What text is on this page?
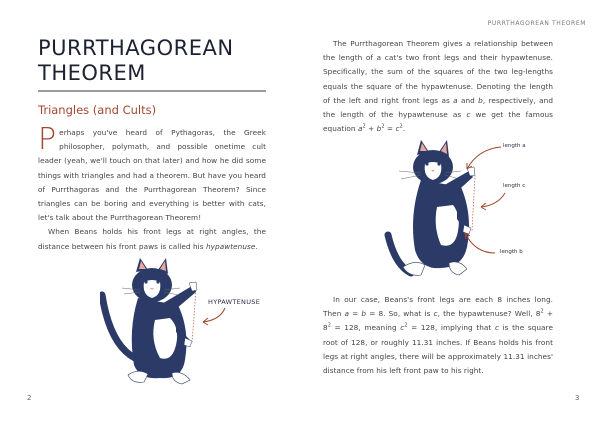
PURRTHAGOREAN THEOREM
Triangles (and Cults)

Perhaps you've heard of Pythagoras, the Greek philosopher, polymath, and possible onetime cult leader (yeah, we'll touch on that later) and how he did some things with triangles and had a theorem. But have you heard of Purrthagoras and the Purrthagorean Theorem? Since triangles can be boring and everything is better with cats, let's talk about the Purrthagorean Theorem!

When Beans holds his front legs at right angles, the distance between his front paws is called his hypawtenuse.

HYPAWTENUSE
2
PURRTHAGOREAN THEOREM

The Purrthagorean Theorem gives a relationship between the length of a cat's two front legs and their hypawtenuse. Specifically, the sum of the squares of the two leg-lengths equals the square of the hypawtenuse. Denoting the length of the left and right front legs as a and b, respectively, and the length of the hypawtenuse as c we get the famous equation $a^2 + b^2 = c^2$.

length a
length c
length b

In our case, Beans's front legs are each 8 inches long. Then a = b = 8. So, what is c, the hypawtenuse? Well, $8^2 + 8^2 = 128$, meaning $c^2 = 128$, implying that c is the square root of 128, or roughly 11.31 inches. If Beans holds his front legs at right angles, there will be approximately 11.31 inches' distance from his left front paw to his right.

3
